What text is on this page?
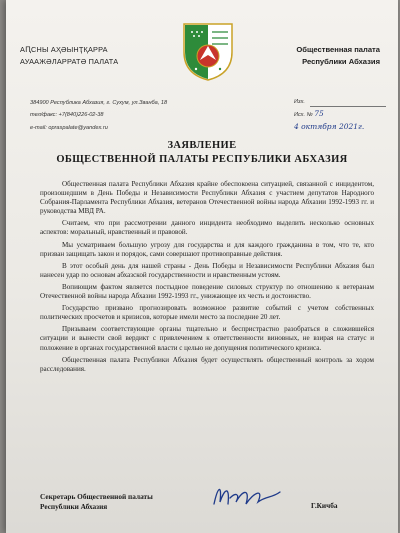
АԤСНЫ АҲӘЫНҬҚАРРА
АУААЖӘЛАРРАТӘ ПАЛАТА
Общественная палата
Республики Абхазия
384900 Республика Абхазия, г. Сухум, ул.Званба, 18
тел/факс: +7(840)226-02-38
e-mail: opraspalate@yandex.ru
Изх.
Исх. № 75
4 октября 2021г.
ЗАЯВЛЕНИЕ
ОБЩЕСТВЕННОЙ ПАЛАТЫ РЕСПУБЛИКИ АБХАЗИЯ

Общественная палата Республики Абхазия крайне обеспокоена ситуацией, связанной с инцидентом, произошедшим в День Победы и Независимости Республики Абхазия с участием депутатов Народного Собрания-Парламента Республики Абхазия, ветеранов Отечественной войны народа Абхазии 1992-1993 гг. и руководства МВД РА.

Считаем, что при рассмотрении данного инцидента необходимо выделить несколько основных аспектов: моральный, нравственный и правовой.

Мы усматриваем большую угрозу для государства и для каждого гражданина в том, что те, кто призван защищать закон и порядок, сами совершают противоправные действия.

В этот особый день для нашей страны - День Победы и Независимости Республики Абхазия был нанесен удар по основам абхазской государственности и нравственным устоям.

Вопиющим фактом является постыдное поведение силовых структур по отношению к ветеранам Отечественной войны народа Абхазии 1992-1993 гг., унижающее их честь и достоинство.

Государство призвано прогнозировать возможное развитие событий с учетом собственных политических просчетов и кризисов, которые имели место за последние 20 лет.

Призываем соответствующие органы тщательно и беспристрастно разобраться в сложившейся ситуации и вынести свой вердикт с привлечением к ответственности виновных, не взирая на статус и положение в органах государственной власти с целью не допущения политического кризиса.

Общественная палата Республики Абхазия будет осуществлять общественный контроль за ходом расследования.

Секретарь Общественной палаты
Республики Абхазия	Г.Кичба
